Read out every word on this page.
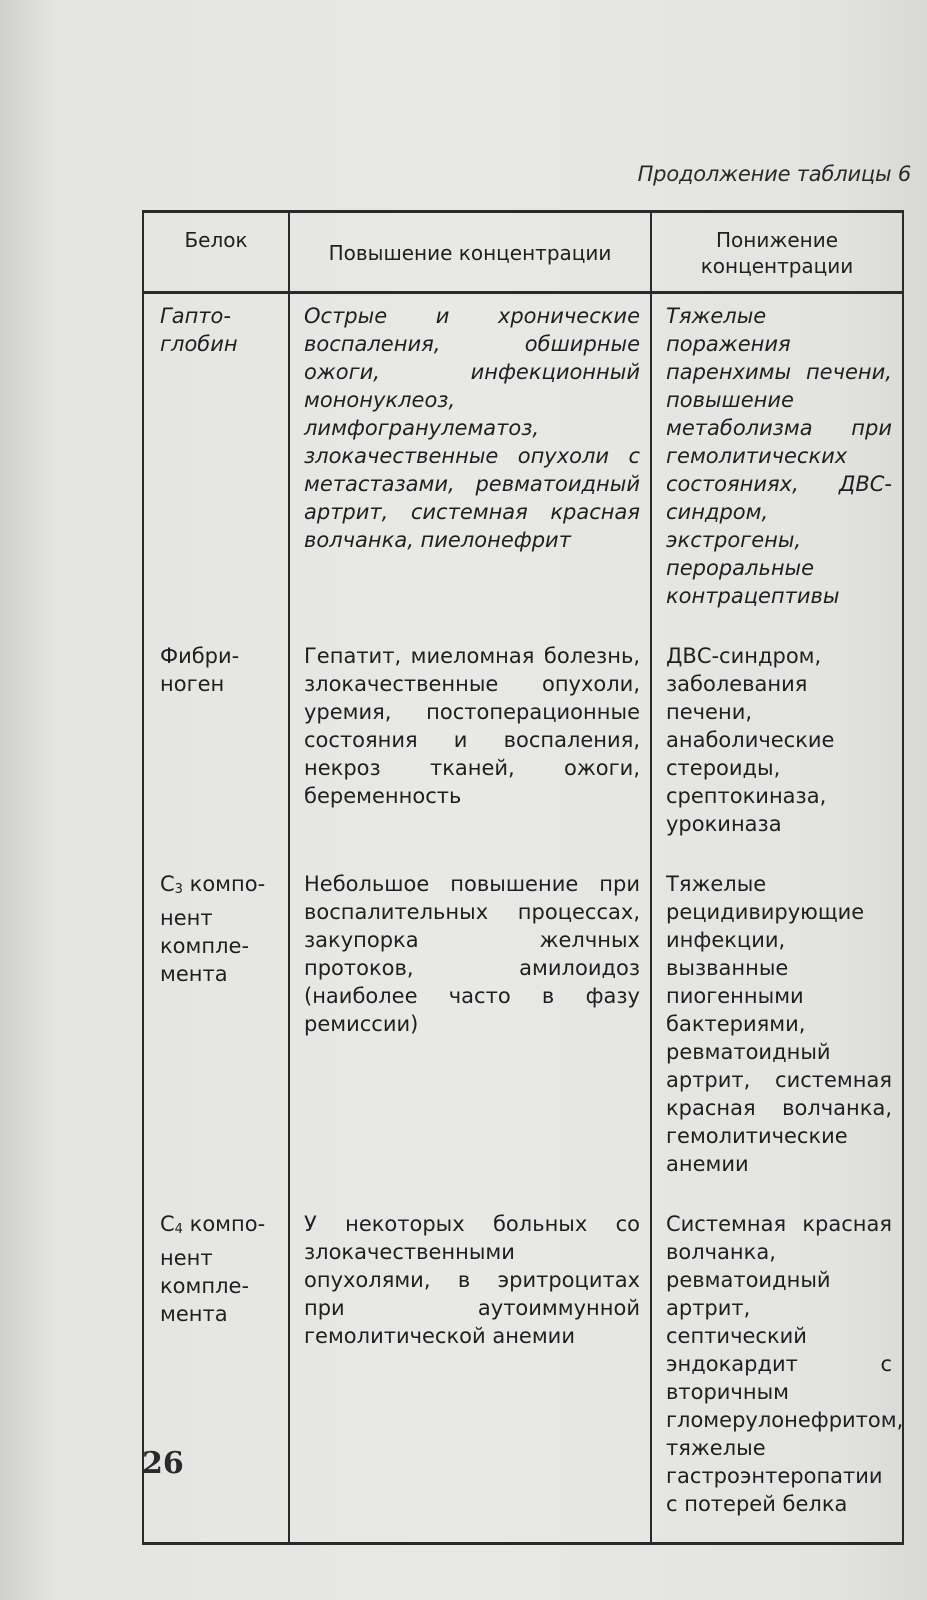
Продолжение таблицы 6
Белок	Повышение концентрации	Понижение концентрации
Гапто-глобин	Острые и хронические воспаления, обширные ожоги, инфекционный мононуклеоз, лимфогранулематоз, злокачественные опухоли с метастазами, ревматоидный артрит, системная красная волчанка, пиелонефрит	Тяжелые поражения паренхимы печени, повышение метаболизма при гемолитических состояниях, ДВС-синдром, экстрогены, пероральные контрацептивы
Фибри-ноген	Гепатит, миеломная болезнь, злокачественные опухоли, уремия, постоперационные состояния и воспаления, некроз тканей, ожоги, беременность	ДВС-синдром, заболевания печени, анаболические стероиды, срептокиназа, урокиназа
С3 компо-нент компле-мента	Небольшое повышение при воспалительных процессах, закупорка желчных протоков, амилоидоз (наиболее часто в фазу ремиссии)	Тяжелые рецидивирующие инфекции, вызванные пиогенными бактериями, ревматоидный артрит, системная красная волчанка, гемолитические анемии
С4 компо-нент компле-мента	У некоторых больных со злокачественными опухолями, в эритроцитах при аутоиммунной гемолитической анемии	Системная красная волчанка, ревматоидный артрит, септический эндокардит с вторичным гломерулонефритом, тяжелые гастроэнтеропатии с потерей белка
26
